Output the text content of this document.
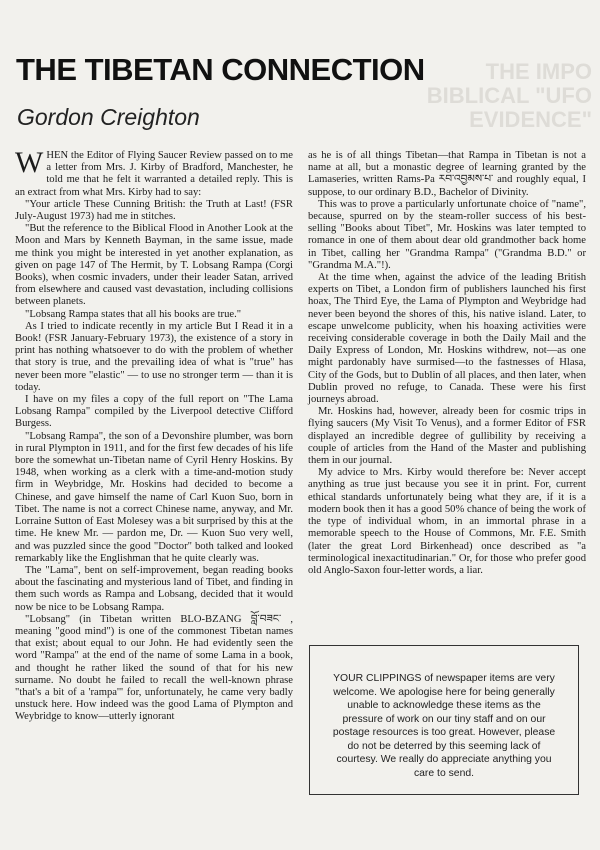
THE IMPO
BIBLICAL "UFO
EVIDENCE"
THE TIBETAN CONNECTION
Gordon Creighton

WHEN the Editor of Flying Saucer Review passed on to me a letter from Mrs. J. Kirby of Bradford, Manchester, he told me that he felt it warranted a detailed reply. This is an extract from what Mrs. Kirby had to say:

"Your article These Cunning British: the Truth at Last! (FSR July-August 1973) had me in stitches.

"But the reference to the Biblical Flood in Another Look at the Moon and Mars by Kenneth Bayman, in the same issue, made me think you might be interested in yet another explanation, as given on page 147 of The Hermit, by T. Lobsang Rampa (Corgi Books), when cosmic invaders, under their leader Satan, arrived from elsewhere and caused vast devastation, including collisions between planets.

"Lobsang Rampa states that all his books are true."

As I tried to indicate recently in my article But I Read it in a Book! (FSR January-February 1973), the existence of a story in print has nothing whatsoever to do with the problem of whether that story is true, and the prevailing idea of what is "true" has never been more "elastic" — to use no stronger term — than it is today.

I have on my files a copy of the full report on "The Lama Lobsang Rampa" compiled by the Liverpool detective Clifford Burgess.

"Lobsang Rampa", the son of a Devonshire plumber, was born in rural Plympton in 1911, and for the first few decades of his life bore the somewhat un-Tibetan name of Cyril Henry Hoskins. By 1948, when working as a clerk with a time-and-motion study firm in Weybridge, Mr. Hoskins had decided to become a Chinese, and gave himself the name of Carl Kuon Suo, born in Tibet. The name is not a correct Chinese name, anyway, and Mr. Lorraine Sutton of East Molesey was a bit surprised by this at the time. He knew Mr. — pardon me, Dr. — Kuon Suo very well, and was puzzled since the good "Doctor" both talked and looked remarkably like the Englishman that he quite clearly was.

The "Lama", bent on self-improvement, began reading books about the fascinating and mysterious land of Tibet, and finding in them such words as Rampa and Lobsang, decided that it would now be nice to be Lobsang Rampa.

"Lobsang" (in Tibetan written BLO-BZANG བློ་བཟང་ , meaning "good mind") is one of the commonest Tibetan names that exist; about equal to our John. He had evidently seen the word "Rampa" at the end of the name of some Lama in a book, and thought he rather liked the sound of that for his new surname. No doubt he failed to recall the well-known phrase "that's a bit of a 'rampa'" for, unfortunately, he came very badly unstuck here. How indeed was the good Lama of Plympton and Weybridge to know—utterly ignorant

as he is of all things Tibetan—that Rampa in Tibetan is not a name at all, but a monastic degree of learning granted by the Lamaseries, written Rams-Pa རབ་འབྱམས་པ་ and roughly equal, I suppose, to our ordinary B.D., Bachelor of Divinity.

This was to prove a particularly unfortunate choice of "name", because, spurred on by the steam-roller success of his best-selling "Books about Tibet", Mr. Hoskins was later tempted to romance in one of them about dear old grandmother back home in Tibet, calling her "Grandma Rampa" ("Grandma B.D." or "Grandma M.A."!).

At the time when, against the advice of the leading British experts on Tibet, a London firm of publishers launched his first hoax, The Third Eye, the Lama of Plympton and Weybridge had never been beyond the shores of this, his native island. Later, to escape unwelcome publicity, when his hoaxing activities were receiving considerable coverage in both the Daily Mail and the Daily Express of London, Mr. Hoskins withdrew, not—as one might pardonably have surmised—to the fastnesses of Hlasa, City of the Gods, but to Dublin of all places, and then later, when Dublin proved no refuge, to Canada. These were his first journeys abroad.

Mr. Hoskins had, however, already been for cosmic trips in flying saucers (My Visit To Venus), and a former Editor of FSR displayed an incredible degree of gullibility by receiving a couple of articles from the Hand of the Master and publishing them in our journal.

My advice to Mrs. Kirby would therefore be: Never accept anything as true just because you see it in print. For, current ethical standards unfortunately being what they are, if it is a modern book then it has a good 50% chance of being the work of the type of individual whom, in an immortal phrase in a memorable speech to the House of Commons, Mr. F.E. Smith (later the great Lord Birkenhead) once described as "a terminological inexactitudinarian." Or, for those who prefer good old Anglo-Saxon four-letter words, a liar.

YOUR CLIPPINGS of newspaper items are very welcome. We apologise here for being generally unable to acknowledge these items as the pressure of work on our tiny staff and on our postage resources is too great. However, please do not be deterred by this seeming lack of courtesy. We really do appreciate anything you care to send.
